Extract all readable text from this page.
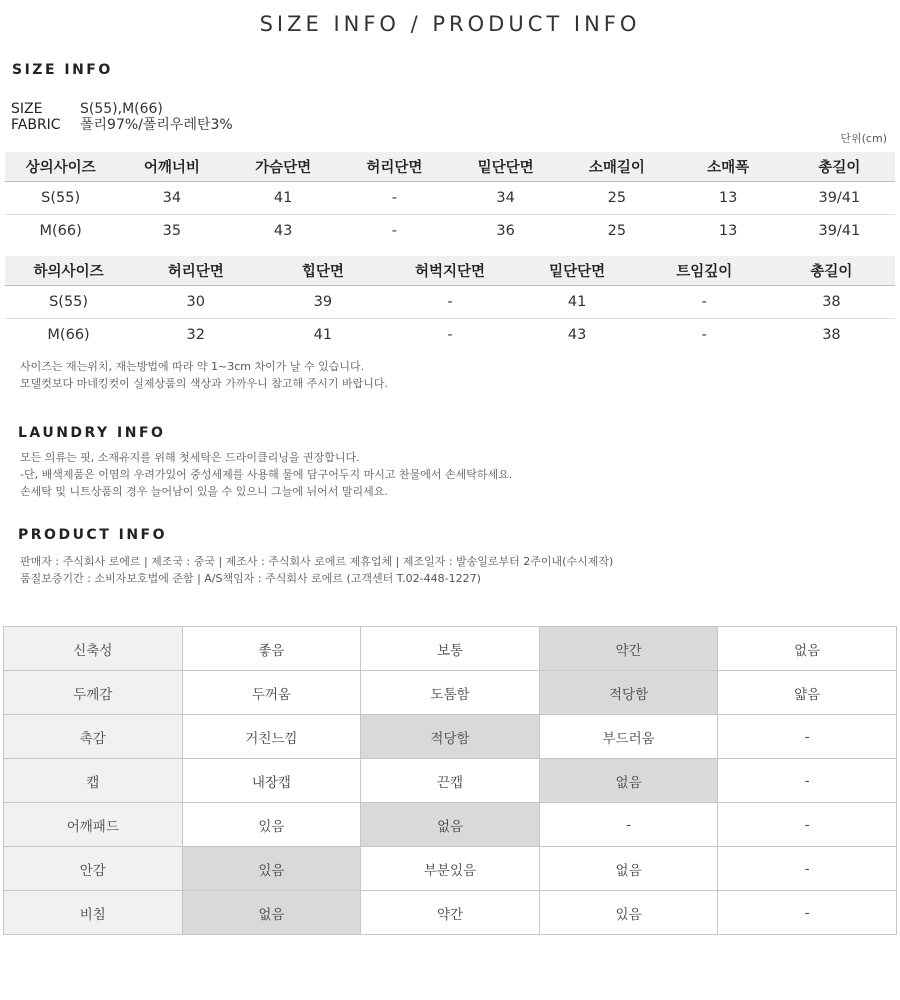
SIZE INFO / PRODUCT INFO
SIZE INFO
SIZE	S(55),M(66)
FABRIC 폴리97%/폴리우레탄3%
단위(cm)
상의사이즈	어깨너비	가슴단면	허리단면	밑단단면	소매길이	소매폭	총길이
S(55)	34	41	-	34	25	13	39/41
M(66)	35	43	-	36	25	13	39/41
하의사이즈	허리단면	힙단면	허벅지단면	밑단단면	트임깊이	총길이
S(55)	30	39	-	41	-	38
M(66)	32	41	-	43	-	38
사이즈는 재는위치, 재는방법에 따라 약 1~3cm 차이가 날 수 있습니다.
모델컷보다 마네킹컷이 실제상품의 색상과 가까우니 참고해 주시기 바랍니다.
LAUNDRY INFO
모든 의류는 핏, 소재유지를 위해 첫세탁은 드라이클리닝을 권장합니다.
-단, 배색제품은 이염의 우려가있어 중성세제를 사용해 물에 담구어두지 마시고 찬물에서 손세탁하세요.
손세탁 및 니트상품의 경우 늘어남이 있을 수 있으니 그늘에 뉘어서 말리세요.
PRODUCT INFO
판매자 : 주식회사 로에르 | 제조국 : 중국 | 제조사 : 주식회사 로에르 제휴업체 | 제조일자 : 발송일로부터 2주이내(수시제작)
품질보증기간 : 소비자보호법에 준함 | A/S책임자 : 주식회사 로에르 (고객센터 T.02-448-1227)
신축성	좋음	보통	약간	없음
두께감	두꺼움	도톰함	적당함	얇음
촉감	거친느낌	적당함	부드러움	-
캡	내장캡	끈캡	없음	-
어깨패드	있음	없음	-	-
안감	있음	부분있음	없음	-
비침	없음	약간	있음	-
